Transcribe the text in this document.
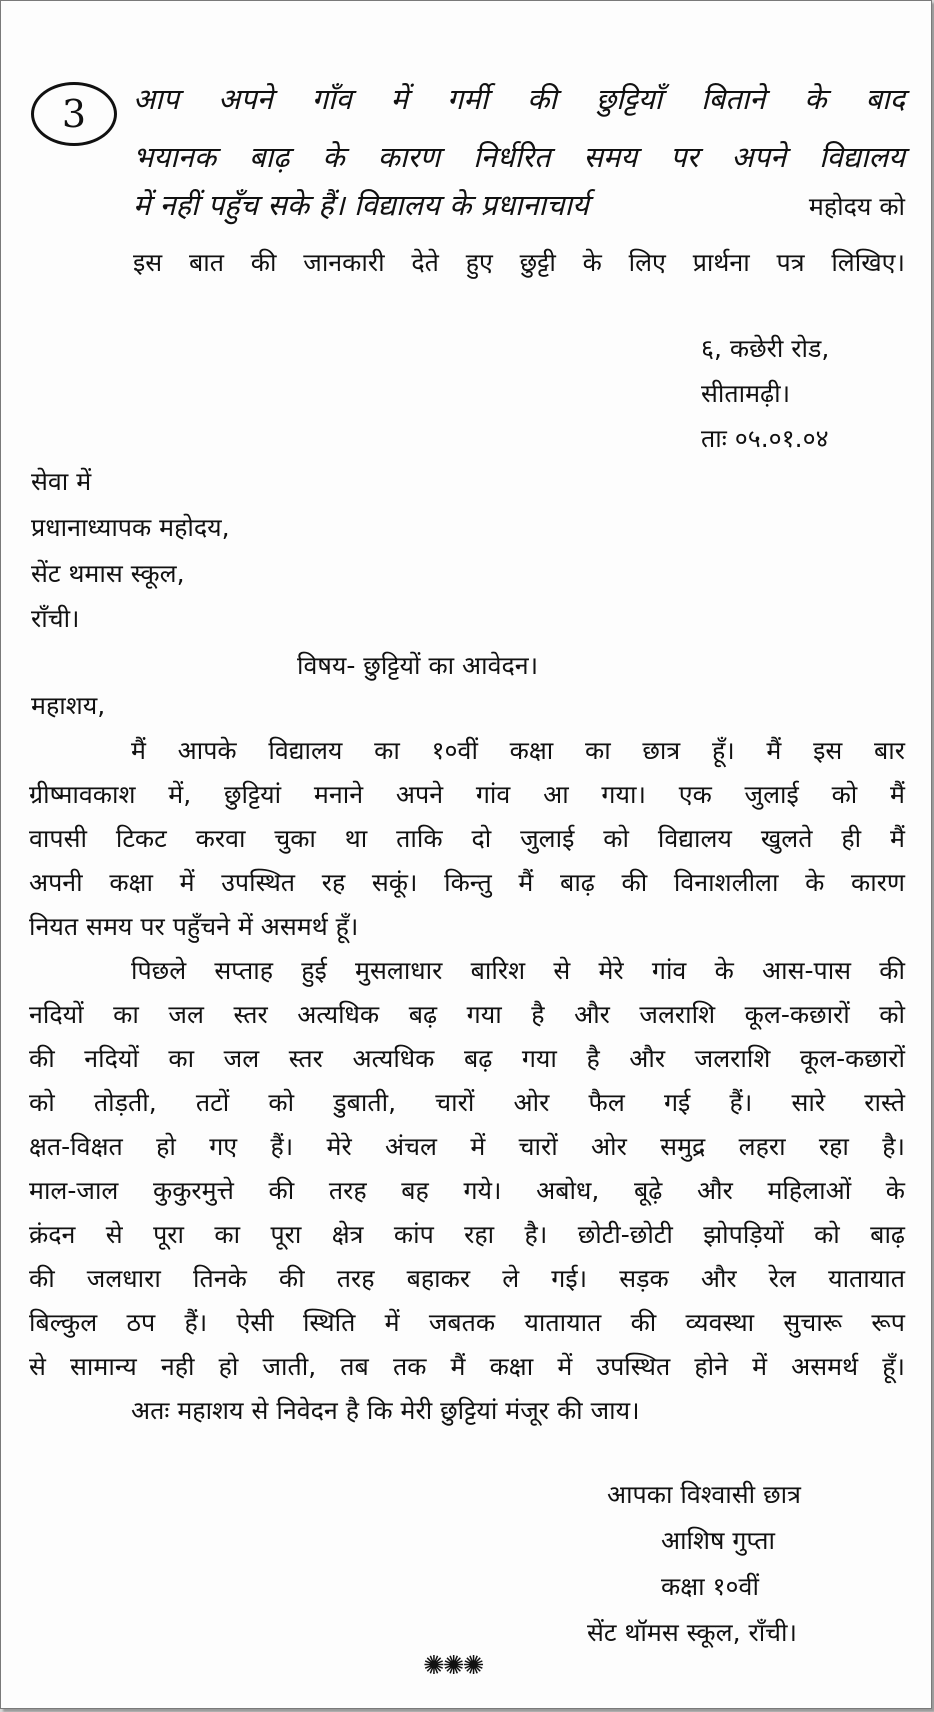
3 आप अपने गाँव में गर्मी की छुट्टियाँ बिताने के बाद
भयानक बाढ़ के कारण निर्धरित समय पर अपने विद्यालय
में नहीं पहुँच सके हैं। विद्यालय के प्रधानाचार्य	महोदय को
इस बात की जानकारी देते हुए छुट्टी के लिए प्रार्थना पत्र लिखिए।
६, कछेरी रोड,
सीतामढ़ी।
ताः ०५.०१.०४
सेवा में
प्रधानाध्यापक महोदय,
सेंट थमास स्कूल,
राँची।
विषय- छुट्टियों का आवेदन।
महाशय,
मैं आपके विद्यालय का १०वीं कक्षा का छात्र हूँ। मैं इस बार
ग्रीष्मावकाश में, छुट्टियां मनाने अपने गांव आ गया। एक जुलाई को मैं
वापसी टिकट करवा चुका था ताकि दो जुलाई को विद्यालय खुलते ही मैं
अपनी कक्षा में उपस्थित रह सकूं। किन्तु मैं बाढ़ की विनाशलीला के कारण
नियत समय पर पहुँचने में असमर्थ हूँ।
पिछले सप्ताह हुई मुसलाधार बारिश से मेरे गांव के आस-पास की
नदियों का जल स्तर अत्यधिक बढ़ गया है और जलराशि कूल-कछारों को
की नदियों का जल स्तर अत्यधिक बढ़ गया है और जलराशि कूल-कछारों
को तोड़ती, तटों को डुबाती, चारों ओर फैल गई हैं। सारे रास्ते
क्षत-विक्षत हो गए हैं। मेरे अंचल में चारों ओर समुद्र लहरा रहा है।
माल-जाल कुकुरमुत्ते की तरह बह गये। अबोध, बूढ़े और महिलाओं के
क्रंदन से पूरा का पूरा क्षेत्र कांप रहा है। छोटी-छोटी झोपड़ियों को बाढ़
की जलधारा तिनके की तरह बहाकर ले गई। सड़क और रेल यातायात
बिल्कुल ठप हैं। ऐसी स्थिति में जबतक यातायात की व्यवस्था सुचारू रूप
से सामान्य नही हो जाती, तब तक मैं कक्षा में उपस्थित होने में असमर्थ हूँ।
अतः महाशय से निवेदन है कि मेरी छुट्टियां मंजूर की जाय।
आपका विश्वासी छात्र
आशिष गुप्ता
कक्षा १०वीं
सेंट थॉमस स्कूल, राँची।
✺✺✺
